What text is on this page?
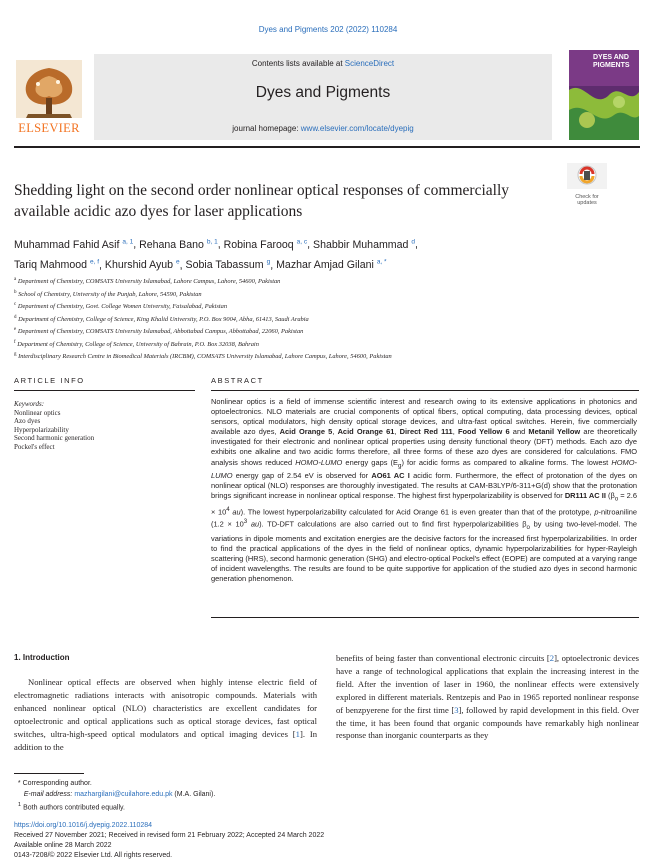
Dyes and Pigments 202 (2022) 110284
ELSEVIER
Contents lists available at ScienceDirect
Dyes and Pigments
journal homepage: www.elsevier.com/locate/dyepig
DYES AND PIGMENTS
Shedding light on the second order nonlinear optical responses of commercially available acidic azo dyes for laser applications
Check for updates
Muhammad Fahid Asif $^{a, 1}$, Rehana Bano $^{b, 1}$, Robina Farooq $^{a, c}$, Shabbir Muhammad $^d$,
Tariq Mahmood $^{e, f}$, Khurshid Ayub $^e$, Sobia Tabassum $^g$, Mazhar Amjad Gilani $^{a, *}$
$^a$ Department of Chemistry, COMSATS University Islamabad, Lahore Campus, Lahore, 54600, Pakistan
$^b$ School of Chemistry, University of the Punjab, Lahore, 54590, Pakistan
$^c$ Department of Chemistry, Govt. College Women University, Faisalabad, Pakistan
$^d$ Department of Chemistry, College of Science, King Khalid University, P.O. Box 9004, Abha, 61413, Saudi Arabia
$^e$ Department of Chemistry, COMSATS University Islamabad, Abbottabad Campus, Abbottabad, 22060, Pakistan
$^f$ Department of Chemistry, College of Science, University of Bahrain, P.O. Box 32038, Bahrain
$^g$ Interdisciplinary Research Centre in Biomedical Materials (IRCBM), COMSATS University Islamabad, Lahore Campus, Lahore, 54600, Pakistan
ARTICLE INFO
Keywords:
Nonlinear optics
Azo dyes
Hyperpolarizability
Second harmonic generation
Pockel's effect
ABSTRACT
Nonlinear optics is a field of immense scientific interest and research owing to its extensive applications in photonics and optoelectronics. NLO materials are crucial components of optical fibers, optical computing, data processing devices, optical sensors, optical modulators, high density optical storage devices, and ultra-fast optical switches. Herein, five commercially available azo dyes, Acid Orange 5, Acid Orange 61, Direct Red 111, Food Yellow 6 and Metanil Yellow are theoretically investigated for their electronic and nonlinear optical properties using density functional theory (DFT) methods. Each azo dye exhibits one alkaline and two acidic forms therefore, all three forms of these azo dyes are considered for calculations. FMO analysis shows reduced HOMO-LUMO energy gaps $(E_g)$ for acidic forms as compared to alkaline forms. The lowest HOMO-LUMO energy gap of 2.54 eV is observed for AO61 AC I acidic form. Furthermore, the effect of protonation of the dyes on nonlinear optical (NLO) responses are thoroughly investigated. The results at CAM-B3LYP/6-311+G(d) show that the protonation brings significant increase in nonlinear optical response. The highest first hyperpolarizability is observed for DR111 AC II ($\beta_o = 2.6 \times 10^4$ au). The lowest hyperpolarizability calculated for Acid Orange 61 is even greater than that of the prototype, p-nitroaniline ($1.2 \times 10^3$ au). TD-DFT calculations are also carried out to find first hyperpolarizabilities $\beta_o$ by using two-level-model. The variations in dipole moments and excitation energies are the decisive factors for the increased first hyperpolarizabilities. In order to find the practical applications of the dyes in the field of nonlinear optics, dynamic hyperpolarizabilities for hyper-Rayleigh scattering (HRS), second harmonic generation (SHG) and electro-optical Pockel's effect (EOPE) are computed at a varying range of incident wavelengths. The results are found to be quite supportive for application of the studied azo dyes in second harmonic generation phenomenon.
1. Introduction
Nonlinear optical effects are observed when highly intense electric field of electromagnetic radiations interacts with anisotropic compounds. Materials with enhanced nonlinear optical (NLO) characteristics are excellent candidates for optoelectronic and optical applications such as optical storage devices, fast optical switches, ultra-high-speed optical modulators and optical imaging devices [1]. In addition to the
benefits of being faster than conventional electronic circuits [2], optoelectronic devices have a range of technological applications that explain the increasing interest in the field. After the invention of laser in 1960, the nonlinear effects were extensively explored in different materials. Rentzepis and Pao in 1965 reported nonlinear response of benzpyerene for the first time [3], followed by rapid development in this field. Over the time, it has been found that organic compounds have remarkably high nonlinear response than inorganic counterparts as they
* Corresponding author.
E-mail address: mazhargilani@cuilahore.edu.pk (M.A. Gilani).
$^1$ Both authors contributed equally.
https://doi.org/10.1016/j.dyepig.2022.110284
Received 27 November 2021; Received in revised form 21 February 2022; Accepted 24 March 2022
Available online 28 March 2022
0143-7208/© 2022 Elsevier Ltd. All rights reserved.
